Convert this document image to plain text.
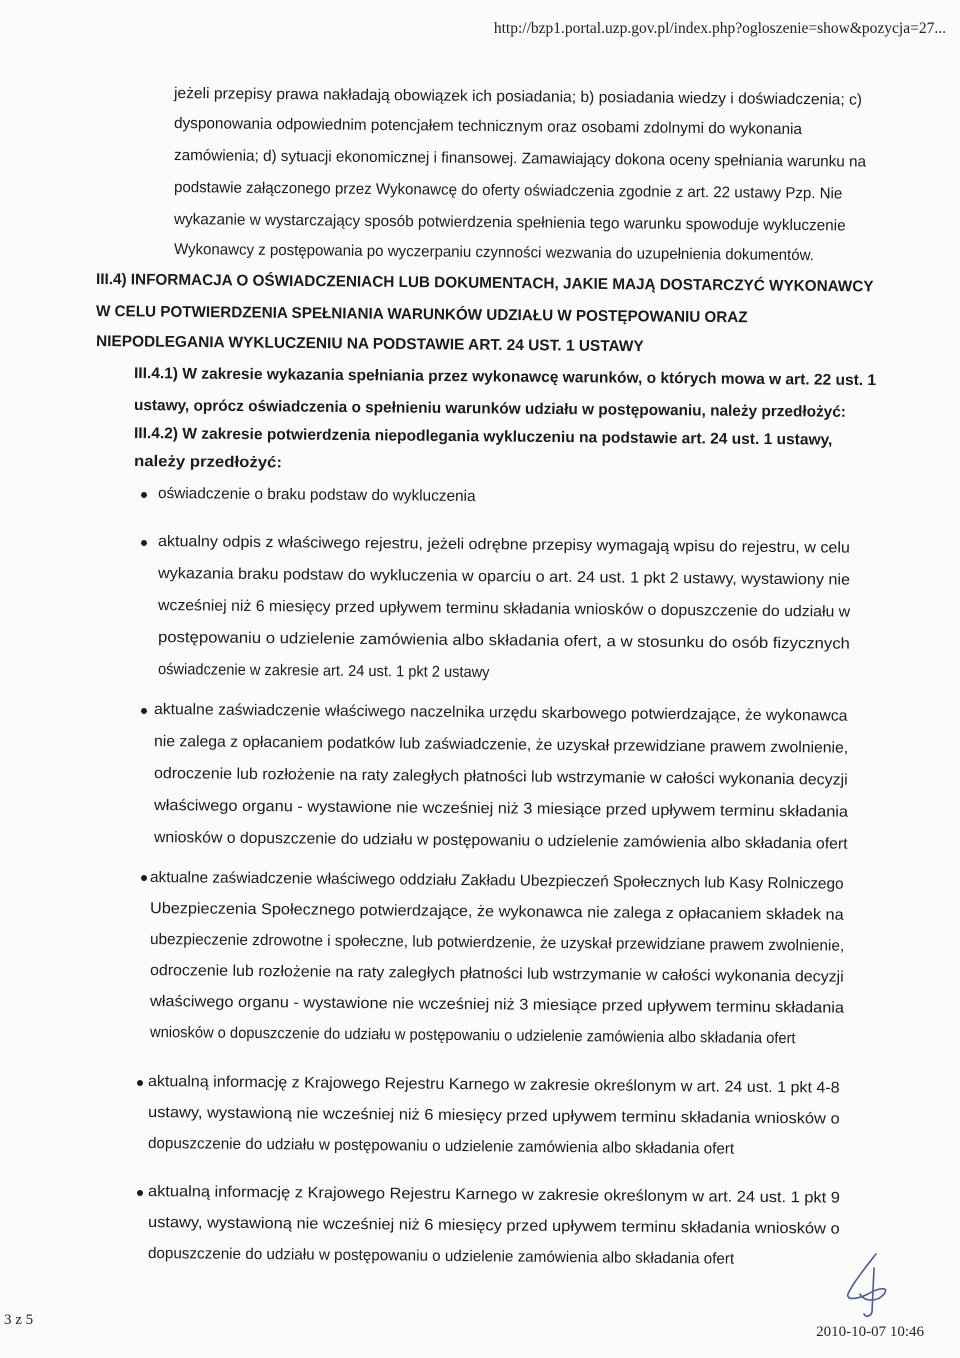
http://bzp1.portal.uzp.gov.pl/index.php?ogloszenie=show&pozycja=27...
jeżeli przepisy prawa nakładają obowiązek ich posiadania; b) posiadania wiedzy i doświadczenia; c)
dysponowania odpowiednim potencjałem technicznym oraz osobami zdolnymi do wykonania
zamówienia; d) sytuacji ekonomicznej i finansowej. Zamawiający dokona oceny spełniania warunku na
podstawie załączonego przez Wykonawcę do oferty oświadczenia zgodnie z art. 22 ustawy Pzp. Nie
wykazanie w wystarczający sposób potwierdzenia spełnienia tego warunku spowoduje wykluczenie
Wykonawcy z postępowania po wyczerpaniu czynności wezwania do uzupełnienia dokumentów.
III.4) INFORMACJA O OŚWIADCZENIACH LUB DOKUMENTACH, JAKIE MAJĄ DOSTARCZYĆ WYKONAWCY
W CELU POTWIERDZENIA SPEŁNIANIA WARUNKÓW UDZIAŁU W POSTĘPOWANIU ORAZ
NIEPODLEGANIA WYKLUCZENIU NA PODSTAWIE ART. 24 UST. 1 USTAWY
III.4.1) W zakresie wykazania spełniania przez wykonawcę warunków, o których mowa w art. 22 ust. 1
ustawy, oprócz oświadczenia o spełnieniu warunków udziału w postępowaniu, należy przedłożyć:
III.4.2) W zakresie potwierdzenia niepodlegania wykluczeniu na podstawie art. 24 ust. 1 ustawy,
należy przedłożyć:
oświadczenie o braku podstaw do wykluczenia
aktualny odpis z właściwego rejestru, jeżeli odrębne przepisy wymagają wpisu do rejestru, w celu
wykazania braku podstaw do wykluczenia w oparciu o art. 24 ust. 1 pkt 2 ustawy, wystawiony nie
wcześniej niż 6 miesięcy przed upływem terminu składania wniosków o dopuszczenie do udziału w
postępowaniu o udzielenie zamówienia albo składania ofert, a w stosunku do osób fizycznych
oświadczenie w zakresie art. 24 ust. 1 pkt 2 ustawy
aktualne zaświadczenie właściwego naczelnika urzędu skarbowego potwierdzające, że wykonawca
nie zalega z opłacaniem podatków lub zaświadczenie, że uzyskał przewidziane prawem zwolnienie,
odroczenie lub rozłożenie na raty zaległych płatności lub wstrzymanie w całości wykonania decyzji
właściwego organu - wystawione nie wcześniej niż 3 miesiące przed upływem terminu składania
wniosków o dopuszczenie do udziału w postępowaniu o udzielenie zamówienia albo składania ofert
aktualne zaświadczenie właściwego oddziału Zakładu Ubezpieczeń Społecznych lub Kasy Rolniczego
Ubezpieczenia Społecznego potwierdzające, że wykonawca nie zalega z opłacaniem składek na
ubezpieczenie zdrowotne i społeczne, lub potwierdzenie, że uzyskał przewidziane prawem zwolnienie,
odroczenie lub rozłożenie na raty zaległych płatności lub wstrzymanie w całości wykonania decyzji
właściwego organu - wystawione nie wcześniej niż 3 miesiące przed upływem terminu składania
wniosków o dopuszczenie do udziału w postępowaniu o udzielenie zamówienia albo składania ofert
aktualną informację z Krajowego Rejestru Karnego w zakresie określonym w art. 24 ust. 1 pkt 4-8
ustawy, wystawioną nie wcześniej niż 6 miesięcy przed upływem terminu składania wniosków o
dopuszczenie do udziału w postępowaniu o udzielenie zamówienia albo składania ofert
aktualną informację z Krajowego Rejestru Karnego w zakresie określonym w art. 24 ust. 1 pkt 9
ustawy, wystawioną nie wcześniej niż 6 miesięcy przed upływem terminu składania wniosków o
dopuszczenie do udziału w postępowaniu o udzielenie zamówienia albo składania ofert
3 z 5
2010-10-07 10:46
